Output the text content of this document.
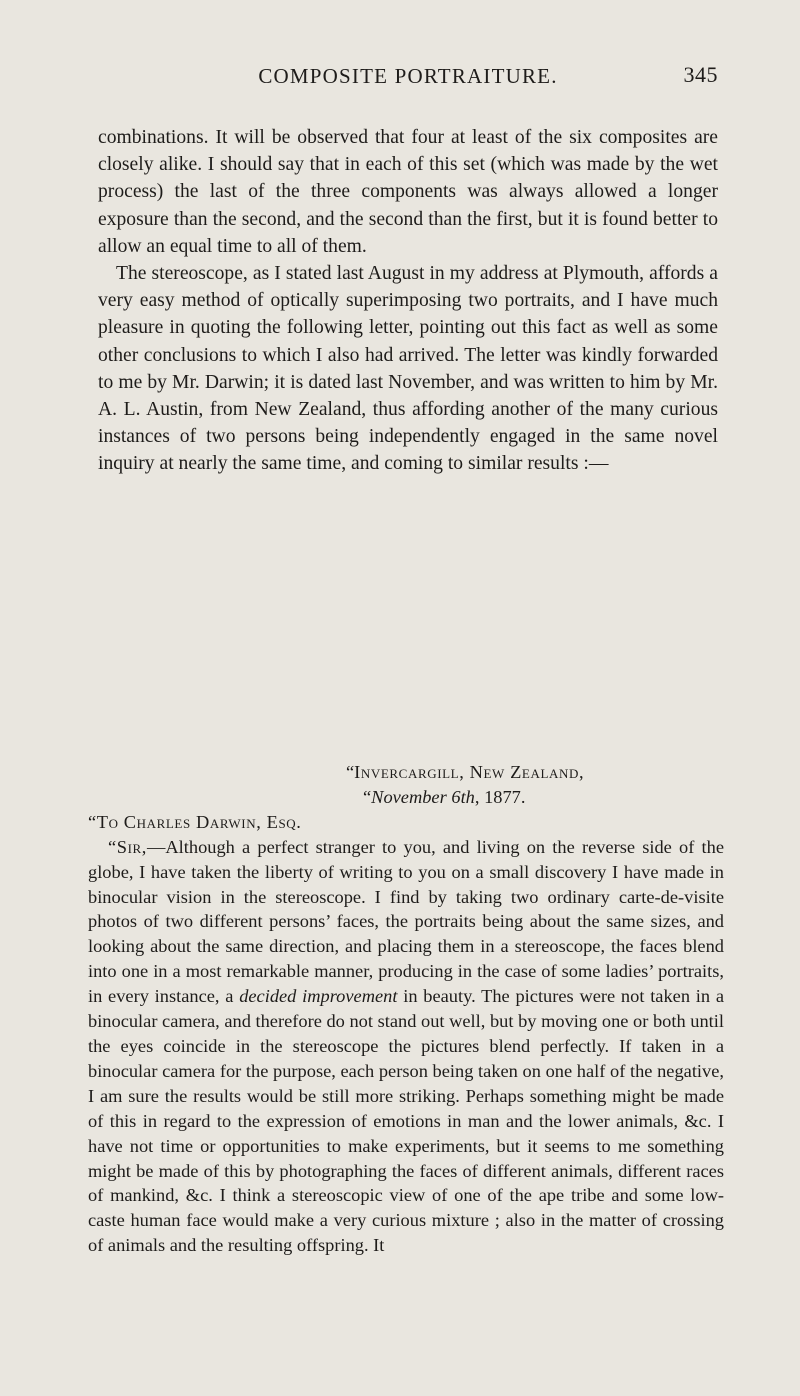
COMPOSITE PORTRAITURE.	345

combinations. It will be observed that four at least of the six composites are closely alike. I should say that in each of this set (which was made by the wet process) the last of the three components was always allowed a longer exposure than the second, and the second than the first, but it is found better to allow an equal time to all of them.

The stereoscope, as I stated last August in my address at Plymouth, affords a very easy method of optically superimposing two portraits, and I have much pleasure in quoting the following letter, pointing out this fact as well as some other conclusions to which I also had arrived. The letter was kindly forwarded to me by Mr. Darwin; it is dated last November, and was written to him by Mr. A. L. Austin, from New Zealand, thus affording another of the many curious instances of two persons being independently engaged in the same novel inquiry at nearly the same time, and coming to similar results :—

“Invercargill, New Zealand,
“November 6th, 1877.
“To Charles Darwin, Esq.

“Sir,—Although a perfect stranger to you, and living on the reverse side of the globe, I have taken the liberty of writing to you on a small discovery I have made in binocular vision in the stereoscope. I find by taking two ordinary carte-de-visite photos of two different persons’ faces, the portraits being about the same sizes, and looking about the same direction, and placing them in a stereoscope, the faces blend into one in a most remarkable manner, producing in the case of some ladies’ portraits, in every instance, a decided improvement in beauty. The pictures were not taken in a binocular camera, and therefore do not stand out well, but by moving one or both until the eyes coincide in the stereoscope the pictures blend perfectly. If taken in a binocular camera for the purpose, each person being taken on one half of the negative, I am sure the results would be still more striking. Perhaps something might be made of this in regard to the expression of emotions in man and the lower animals, &c. I have not time or opportunities to make experiments, but it seems to me something might be made of this by photographing the faces of different animals, different races of mankind, &c. I think a stereoscopic view of one of the ape tribe and some low-caste human face would make a very curious mixture ; also in the matter of crossing of animals and the resulting offspring. It
